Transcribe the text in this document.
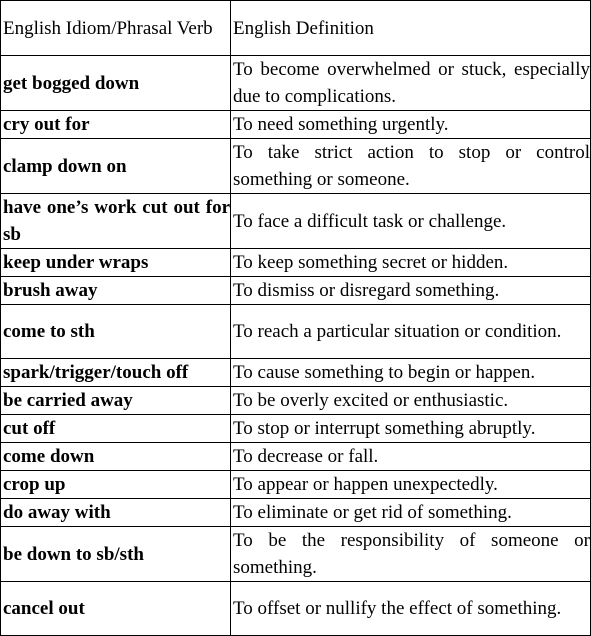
English Idiom/Phrasal Verb	English Definition
get bogged down	To become overwhelmed or stuck, especially due to complications.
cry out for	To need something urgently.
clamp down on	To take strict action to stop or control something or someone.
have one’s work cut out for sb	To face a difficult task or challenge.
keep under wraps	To keep something secret or hidden.
brush away	To dismiss or disregard something.
come to sth	To reach a particular situation or condition.
spark/trigger/touch off	To cause something to begin or happen.
be carried away	To be overly excited or enthusiastic.
cut off	To stop or interrupt something abruptly.
come down	To decrease or fall.
crop up	To appear or happen unexpectedly.
do away with	To eliminate or get rid of something.
be down to sb/sth	To be the responsibility of someone or something.
cancel out	To offset or nullify the effect of something.
